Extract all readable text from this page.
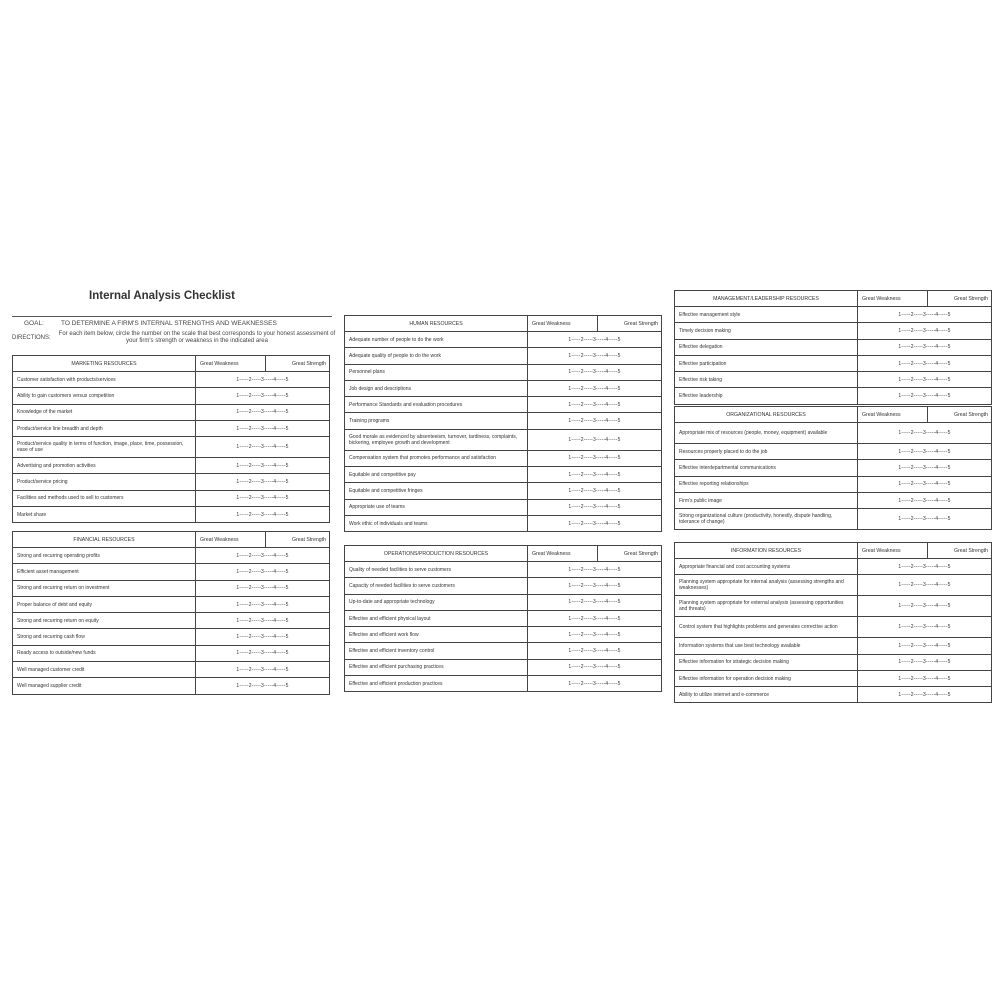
Internal Analysis Checklist
GOAL:	TO DETERMINE A FIRM'S INTERNAL STRENGTHS AND WEAKNESSES
DIRECTIONS:
For each item below, circle the number on the scale that best corresponds to your honest assessment of your firm's strength or weakness in the indicated area
MARKETING RESOURCES	Great Weakness	Great Strength
Customer satisfaction with products/services	1-----2-----3-----4-----5	
Ability to gain customers versus competition	1-----2-----3-----4-----5	
Knowledge of the market	1-----2-----3-----4-----5	
Product/service line breadth and depth	1-----2-----3-----4-----5	
Product/service quality in terms of function, image, place, time, possession, ease of use	1-----2-----3-----4-----5	
Advertising and promotion activities	1-----2-----3-----4-----5	
Product/service pricing	1-----2-----3-----4-----5	
Facilities and methods used to sell to customers	1-----2-----3-----4-----5	
Market share	1-----2-----3-----4-----5	
FINANCIAL RESOURCES	Great Weakness	Great Strength
Strong and recurring operating profits	1-----2-----3-----4-----5	
Efficient asset management	1-----2-----3-----4-----5	
Strong and recurring return on investment	1-----2-----3-----4-----5	
Proper balance of debt and equity	1-----2-----3-----4-----5	
Strong and recurring return on equity	1-----2-----3-----4-----5	
Strong and recurring cash flow	1-----2-----3-----4-----5	
Ready access to outside/new funds	1-----2-----3-----4-----5	
Well managed customer credit	1-----2-----3-----4-----5	
Well managed supplier credit	1-----2-----3-----4-----5	
HUMAN RESOURCES	Great Weakness	Great Strength
Adequate number of people to do the work	1-----2-----3-----4-----5	
Adequate quality of people to do the work	1-----2-----3-----4-----5	
Personnel plans	1-----2-----3-----4-----5	
Job design and descriptions	1-----2-----3-----4-----5	
Performance Standards and evaluation procedures	1-----2-----3-----4-----5	
Training programs	1-----2-----3-----4-----5	
Good morale as evidenced by absenteeism, turnover, tardiness, complaints, bickering, employee growth and development	1-----2-----3-----4-----5	
Compensation system that promotes performance and satisfaction	1-----2-----3-----4-----5	
Equitable and competitive pay	1-----2-----3-----4-----5	
Equitable and competitive fringes	1-----2-----3-----4-----5	
Appropriate use of teams	1-----2-----3-----4-----5	
Work ethic of individuals and teams	1-----2-----3-----4-----5	
OPERATIONS/PRODUCTION RESOURCES	Great Weakness	Great Strength
Quality of needed facilities to serve customers	1-----2-----3-----4-----5	
Capacity of needed facilities to serve customers	1-----2-----3-----4-----5	
Up-to-date and appropriate technology	1-----2-----3-----4-----5	
Effective and efficient physical layout	1-----2-----3-----4-----5	
Effective and efficient work flow	1-----2-----3-----4-----5	
Effective and efficient inventory control	1-----2-----3-----4-----5	
Effective and efficient purchasing practices	1-----2-----3-----4-----5	
Effective and efficient production practices	1-----2-----3-----4-----5	
MANAGEMENT/LEADERSHIP RESOURCES	Great Weakness	Great Strength
Effective management style	1-----2-----3-----4-----5	
Timely decision making	1-----2-----3-----4-----5	
Effective delegation	1-----2-----3-----4-----5	
Effective participation	1-----2-----3-----4-----5	
Effective risk taking	1-----2-----3-----4-----5	
Effective leadership	1-----2-----3-----4-----5	
ORGANIZATIONAL RESOURCES	Great Weakness	Great Strength
Appropriate mix of resources (people, money, equipment) available	1-----2-----3-----4-----5	
Resources properly placed to do the job	1-----2-----3-----4-----5	
Effective interdepartmental communications	1-----2-----3-----4-----5	
Effective reporting relationships	1-----2-----3-----4-----5	
Firm's public image	1-----2-----3-----4-----5	
Strong organizational culture (productivity, honestly, dispute handling, tolerance of change)	1-----2-----3-----4-----5	
INFORMATION RESOURCES	Great Weakness	Great Strength
Appropriate financial and cost accounting systems	1-----2-----3-----4-----5	
Planning system appropriate for internal analysis (assessing strengths and weaknesses)	1-----2-----3-----4-----5	
Planning system appropriate for external analysis (assessing opportunities and threats)	1-----2-----3-----4-----5	
Control system that highlights problems and generates corrective action	1-----2-----3-----4-----5	
Information systems that use best technology available	1-----2-----3-----4-----5	
Effective information for strategic decision making	1-----2-----3-----4-----5	
Effective information for operation decision making	1-----2-----3-----4-----5	
Ability to utilize internet and e-commerce	1-----2-----3-----4-----5	
